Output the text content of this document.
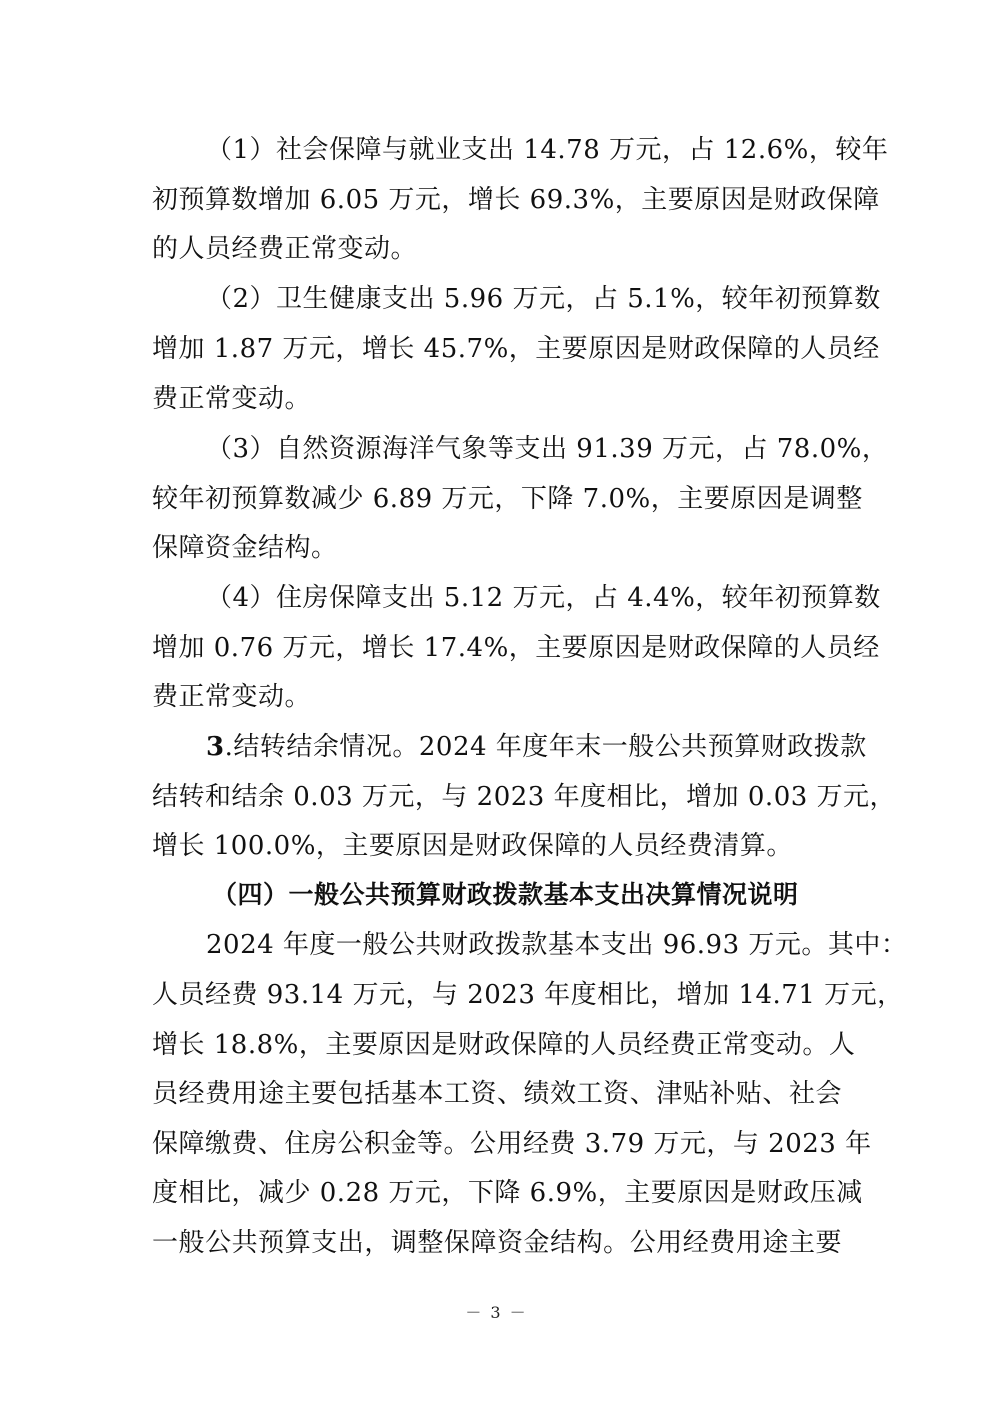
（1）社会保障与就业支出 14.78 万元，占 12.6%，较年
初预算数增加 6.05 万元，增长 69.3%，主要原因是财政保障
的人员经费正常变动。
（2）卫生健康支出 5.96 万元，占 5.1%，较年初预算数
增加 1.87 万元，增长 45.7%，主要原因是财政保障的人员经
费正常变动。
（3）自然资源海洋气象等支出 91.39 万元，占 78.0%，
较年初预算数减少 6.89 万元，下降 7.0%，主要原因是调整
保障资金结构。
（4）住房保障支出 5.12 万元，占 4.4%，较年初预算数
增加 0.76 万元，增长 17.4%，主要原因是财政保障的人员经
费正常变动。
3.结转结余情况。2024 年度年末一般公共预算财政拨款
结转和结余 0.03 万元，与 2023 年度相比，增加 0.03 万元，
增长 100.0%，主要原因是财政保障的人员经费清算。
（四）一般公共预算财政拨款基本支出决算情况说明
2024 年度一般公共财政拨款基本支出 96.93 万元。其中：
人员经费 93.14 万元，与 2023 年度相比，增加 14.71 万元，
增长 18.8%，主要原因是财政保障的人员经费正常变动。人
员经费用途主要包括基本工资、绩效工资、津贴补贴、社会
保障缴费、住房公积金等。公用经费 3.79 万元，与 2023 年
度相比，减少 0.28 万元，下降 6.9%，主要原因是财政压减
一般公共预算支出，调整保障资金结构。公用经费用途主要
－ 3 －
